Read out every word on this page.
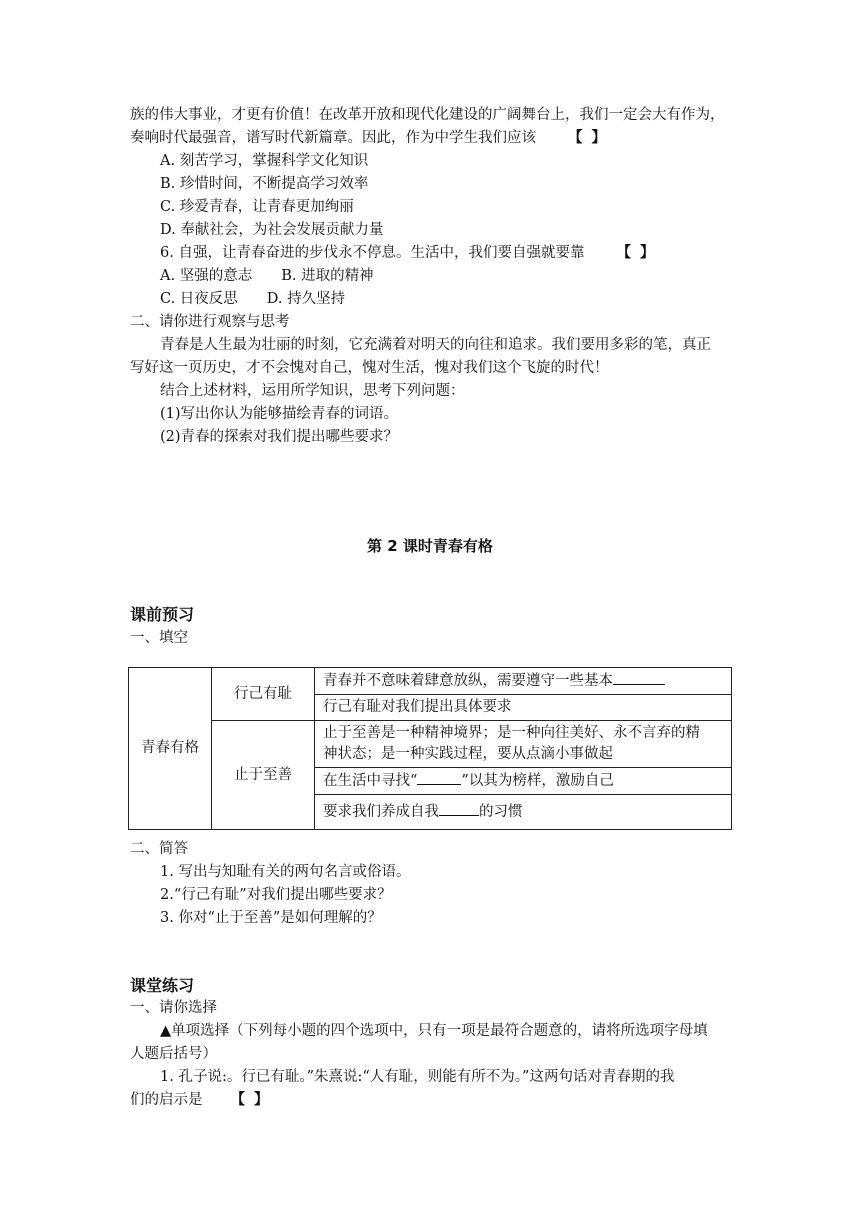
族的伟大事业，才更有价值！在改革开放和现代化建设的广阔舞台上，我们一定会大有作为，
奏响时代最强音，谱写时代新篇章。因此，作为中学生我们应该 【 】
A. 刻苦学习，掌握科学文化知识
B. 珍惜时间，不断提高学习效率
C. 珍爱青春，让青春更加绚丽
D. 奉献社会，为社会发展贡献力量
6. 自强，让青春奋进的步伐永不停息。生活中，我们要自强就要靠 【 】
A. 坚强的意志　　B. 进取的精神
C. 日夜反思　　D. 持久坚持
二、请你进行观察与思考
青春是人生最为壮丽的时刻，它充满着对明天的向往和追求。我们要用多彩的笔，真正
写好这一页历史，才不会愧对自己，愧对生活，愧对我们这个飞旋的时代！
结合上述材料，运用所学知识，思考下列问题：
(1)写出你认为能够描绘青春的词语。
(2)青春的探索对我们提出哪些要求？
第 2 课时青春有格
课前预习
一、填空
青春有格	行己有耻	青春并不意味着肆意放纵，需要遵守一些基本
		行己有耻对我们提出具体要求
	止于至善	止于至善是一种精神境界；是一种向往美好、永不言弃的精
神状态；是一种实践过程，要从点滴小事做起

		在生活中寻找“ ”以其为榜样，激励自己
		要求我们养成自我 的习惯
二、简答
1. 写出与知耻有关的两句名言或俗语。
2.“行己有耻”对我们提出哪些要求？
3. 你对“止于至善”是如何理解的？
课堂练习
一、请你选择
▲单项选择（下列每小题的四个选项中，只有一项是最符合题意的，请将所选项字母填
人题后括号）
1. 孔子说:。行已有耻。”朱熹说:“人有耻，则能有所不为。”这两句话对青春期的我
们的启示是 【 】
